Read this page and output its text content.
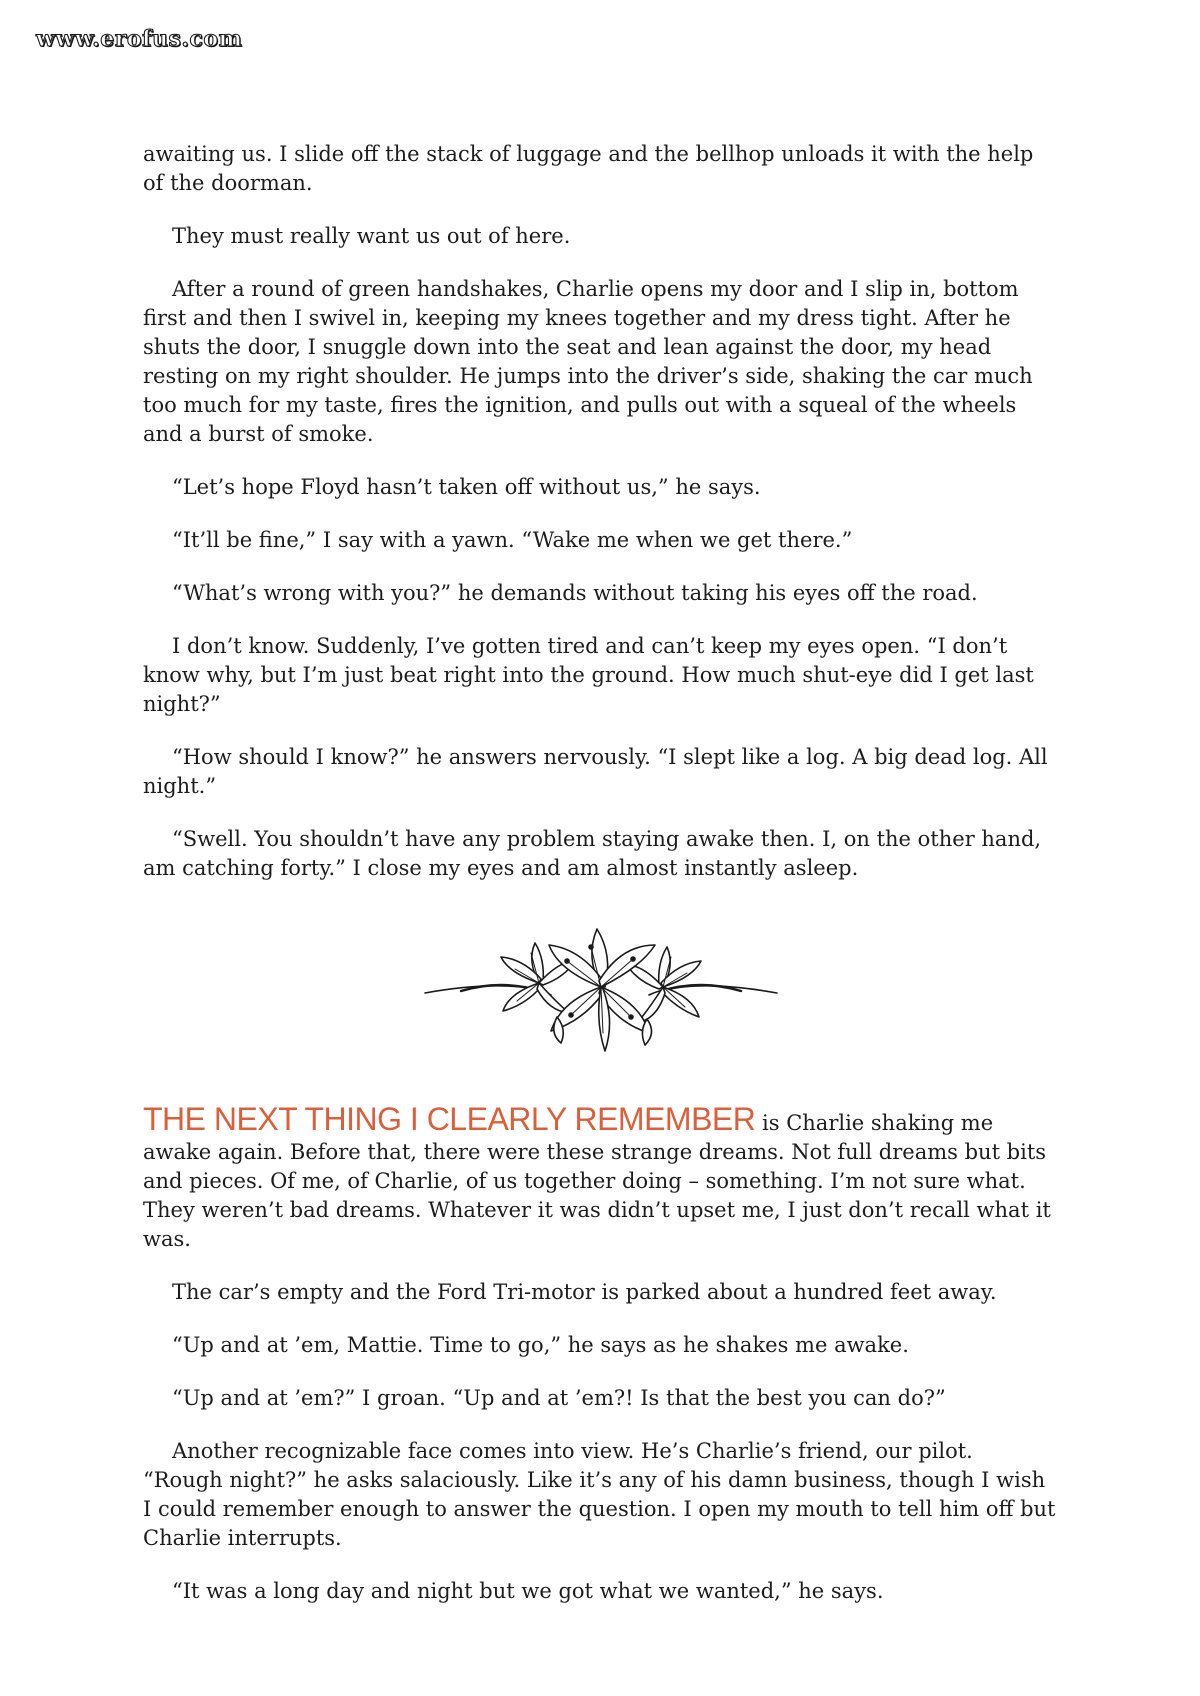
www.erofus.com

awaiting us. I slide off the stack of luggage and the bellhop unloads it with the help of the doorman.

They must really want us out of here.

After a round of green handshakes, Charlie opens my door and I slip in, bottom first and then I swivel in, keeping my knees together and my dress tight. After he shuts the door, I snuggle down into the seat and lean against the door, my head resting on my right shoulder. He jumps into the driver’s side, shaking the car much too much for my taste, fires the ignition, and pulls out with a squeal of the wheels and a burst of smoke.

“Let’s hope Floyd hasn’t taken off without us,” he says.

“It’ll be fine,” I say with a yawn. “Wake me when we get there.”

“What’s wrong with you?” he demands without taking his eyes off the road.

I don’t know. Suddenly, I’ve gotten tired and can’t keep my eyes open. “I don’t know why, but I’m just beat right into the ground. How much shut-eye did I get last night?”

“How should I know?” he answers nervously. “I slept like a log. A big dead log. All night.”

“Swell. You shouldn’t have any problem staying awake then. I, on the other hand, am catching forty.” I close my eyes and am almost instantly asleep.

THE NEXT THING I CLEARLY REMEMBER is Charlie shaking me awake again. Before that, there were these strange dreams. Not full dreams but bits and pieces. Of me, of Charlie, of us together doing – something. I’m not sure what. They weren’t bad dreams. Whatever it was didn’t upset me, I just don’t recall what it was.

The car’s empty and the Ford Tri-motor is parked about a hundred feet away.

“Up and at ’em, Mattie. Time to go,” he says as he shakes me awake.

“Up and at ’em?” I groan. “Up and at ’em?! Is that the best you can do?”

Another recognizable face comes into view. He’s Charlie’s friend, our pilot. “Rough night?” he asks salaciously. Like it’s any of his damn business, though I wish I could remember enough to answer the question. I open my mouth to tell him off but Charlie interrupts.

“It was a long day and night but we got what we wanted,” he says.
